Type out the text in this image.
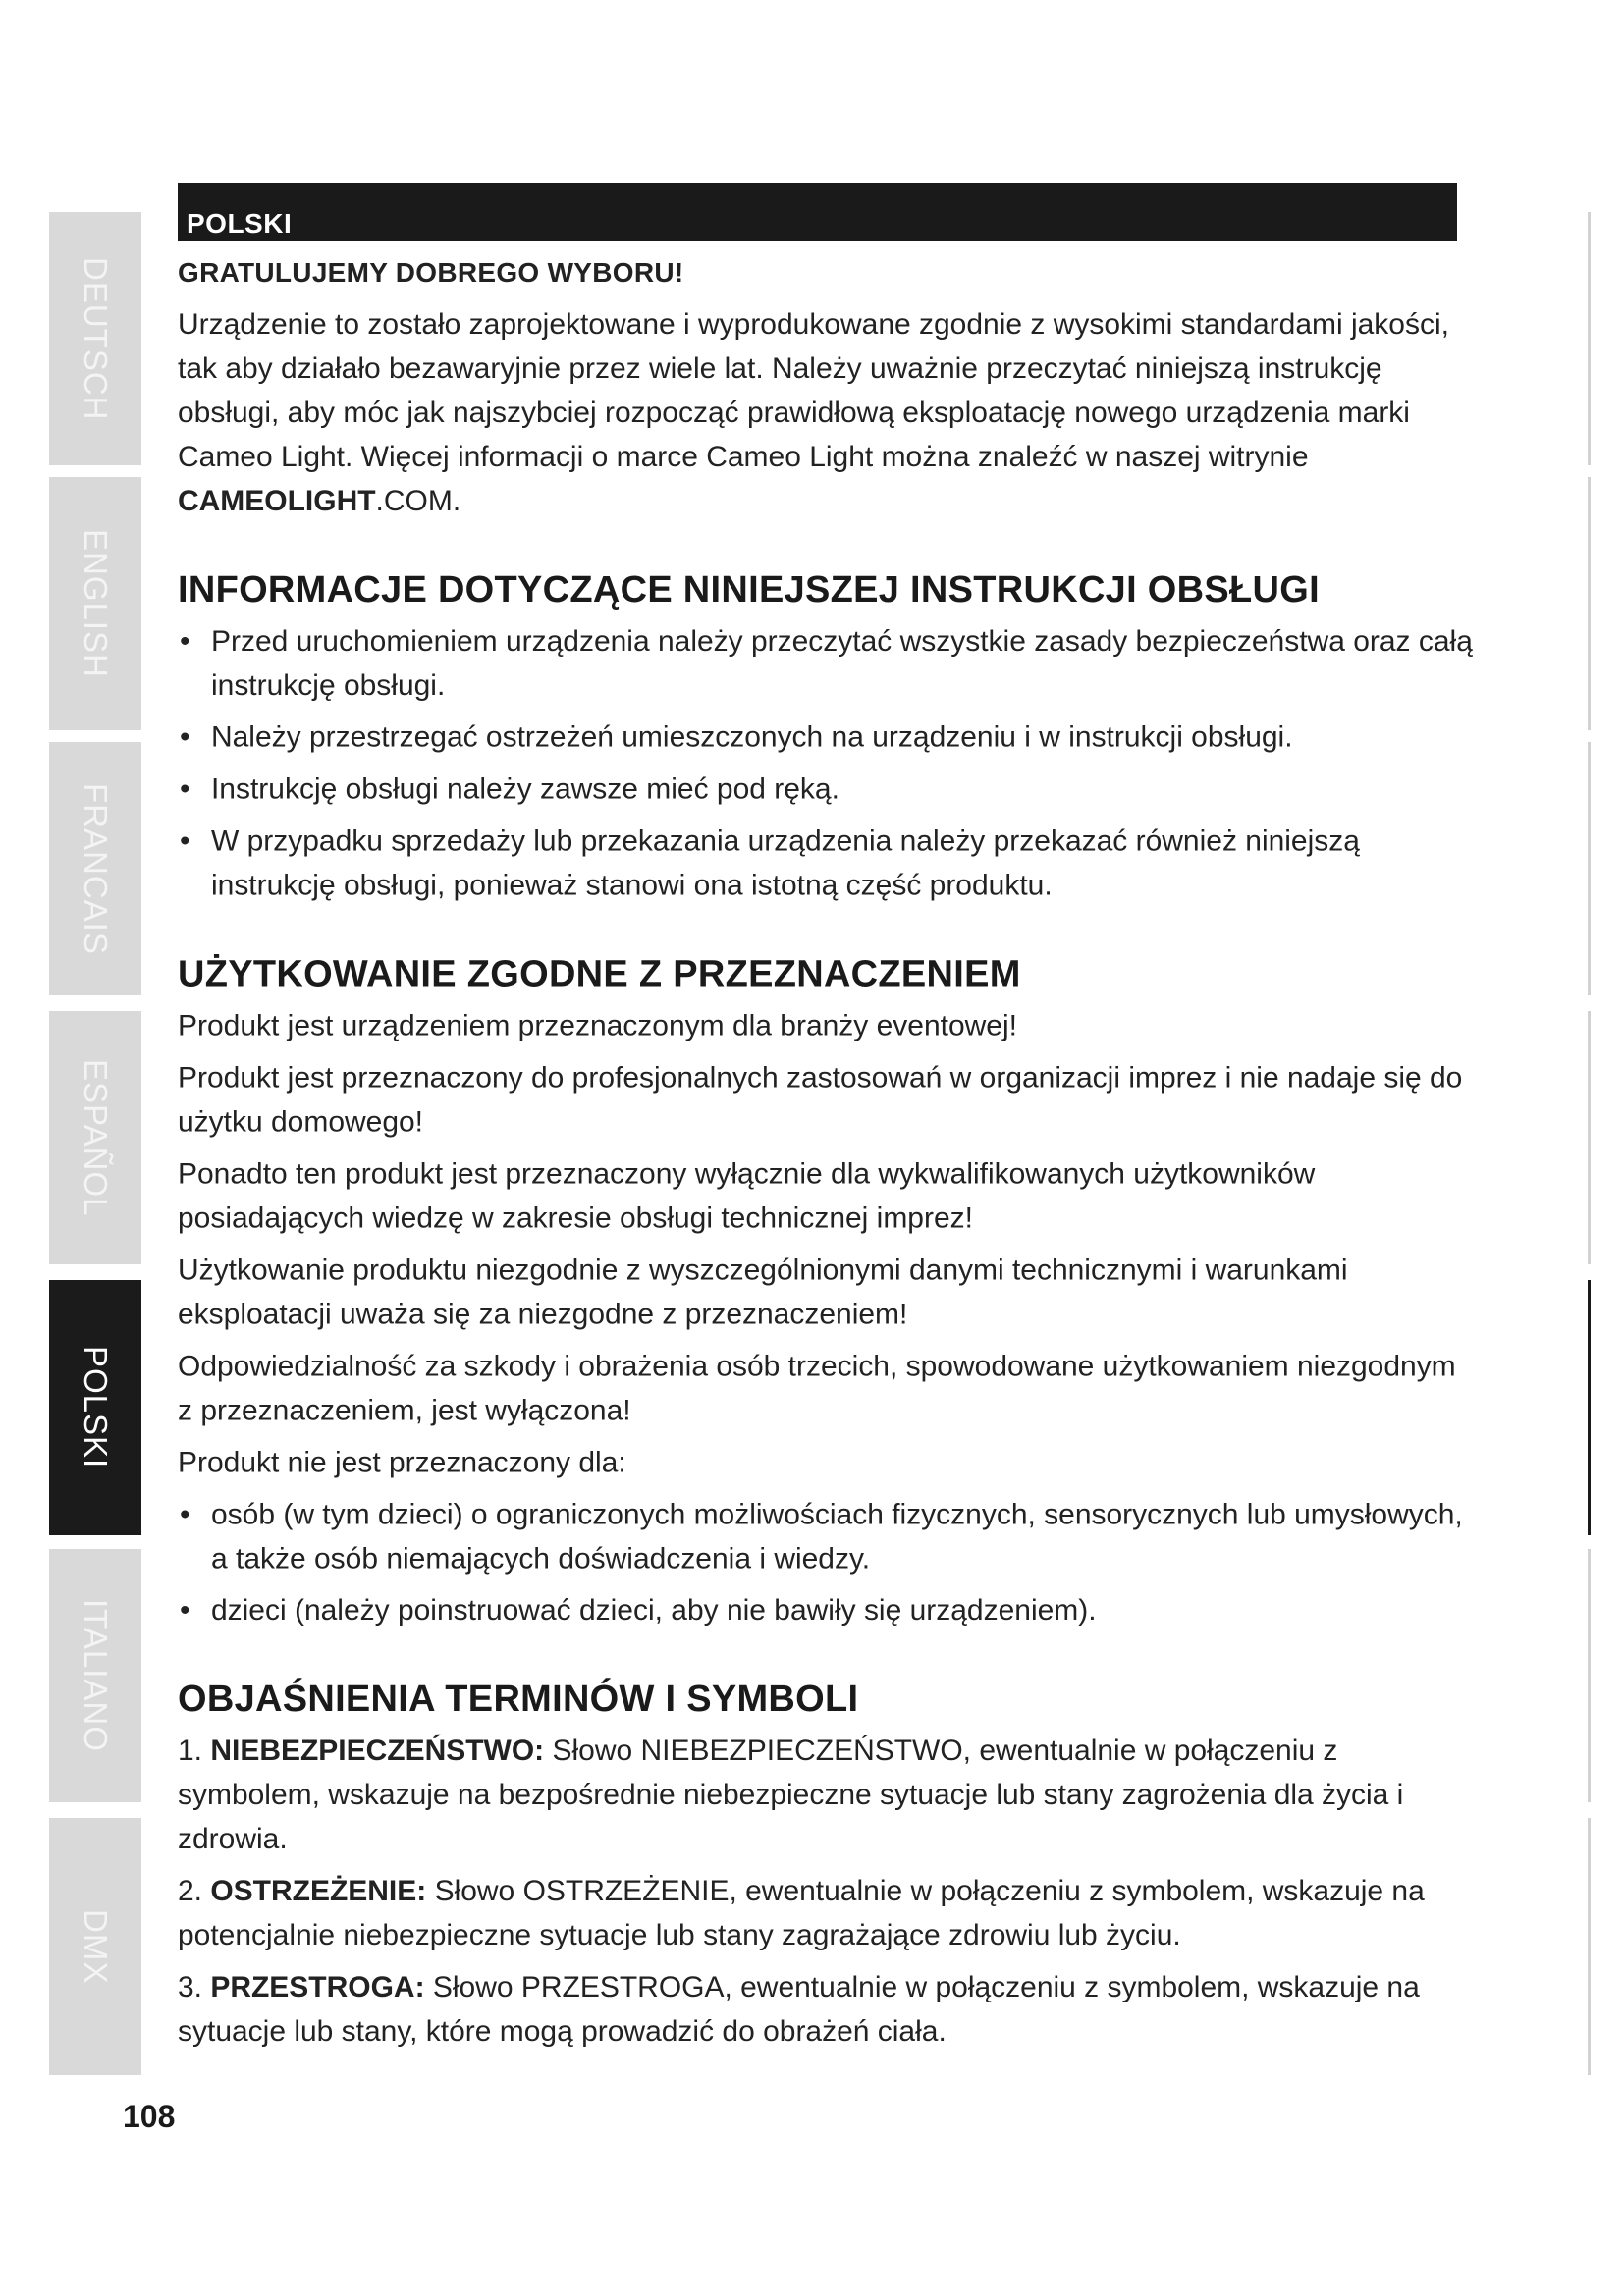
DEUTSCH
ENGLISH
FRANCAIS
ESPAÑOL
POLSKI
ITALIANO
DMX
POLSKI
GRATULUJEMY DOBREGO WYBORU!

Urządzenie to zostało zaprojektowane i wyprodukowane zgodnie z wysokimi standardami jakości, tak aby działało bezawaryjnie przez wiele lat. Należy uważnie przeczytać niniejszą instrukcję obsługi, aby móc jak najszybciej rozpocząć prawidłową eksploatację nowego urządzenia marki Cameo Light. Więcej informacji o marce Cameo Light można znaleźć w naszej witrynie CAMEOLIGHT.COM.

INFORMACJE DOTYCZĄCE NINIEJSZEJ INSTRUKCJI OBSŁUGI
• Przed uruchomieniem urządzenia należy przeczytać wszystkie zasady bezpieczeństwa oraz całą instrukcję obsługi.
• Należy przestrzegać ostrzeżeń umieszczonych na urządzeniu i w instrukcji obsługi.
• Instrukcję obsługi należy zawsze mieć pod ręką.
• W przypadku sprzedaży lub przekazania urządzenia należy przekazać również niniejszą instrukcję obsługi, ponieważ stanowi ona istotną część produktu.
UŻYTKOWANIE ZGODNE Z PRZEZNACZENIEM

Produkt jest urządzeniem przeznaczonym dla branży eventowej!

Produkt jest przeznaczony do profesjonalnych zastosowań w organizacji imprez i nie nadaje się do użytku domowego!

Ponadto ten produkt jest przeznaczony wyłącznie dla wykwalifikowanych użytkowników posiadających wiedzę w zakresie obsługi technicznej imprez!

Użytkowanie produktu niezgodnie z wyszczególnionymi danymi technicznymi i warunkami eksploatacji uważa się za niezgodne z przeznaczeniem!

Odpowiedzialność za szkody i obrażenia osób trzecich, spowodowane użytkowaniem niezgodnym z przeznaczeniem, jest wyłączona!

Produkt nie jest przeznaczony dla:

• osób (w tym dzieci) o ograniczonych możliwościach fizycznych, sensorycznych lub umysłowych, a także osób niemających doświadczenia i wiedzy.
• dzieci (należy poinstruować dzieci, aby nie bawiły się urządzeniem).
OBJAŚNIENIA TERMINÓW I SYMBOLI

1. NIEBEZPIECZEŃSTWO: Słowo NIEBEZPIECZEŃSTWO, ewentualnie w połączeniu z symbolem, wskazuje na bezpośrednie niebezpieczne sytuacje lub stany zagrożenia dla życia i zdrowia.

2. OSTRZEŻENIE: Słowo OSTRZEŻENIE, ewentualnie w połączeniu z symbolem, wskazuje na potencjalnie niebezpieczne sytuacje lub stany zagrażające zdrowiu lub życiu.

3. PRZESTROGA: Słowo PRZESTROGA, ewentualnie w połączeniu z symbolem, wskazuje na sytuacje lub stany, które mogą prowadzić do obrażeń ciała.

108
